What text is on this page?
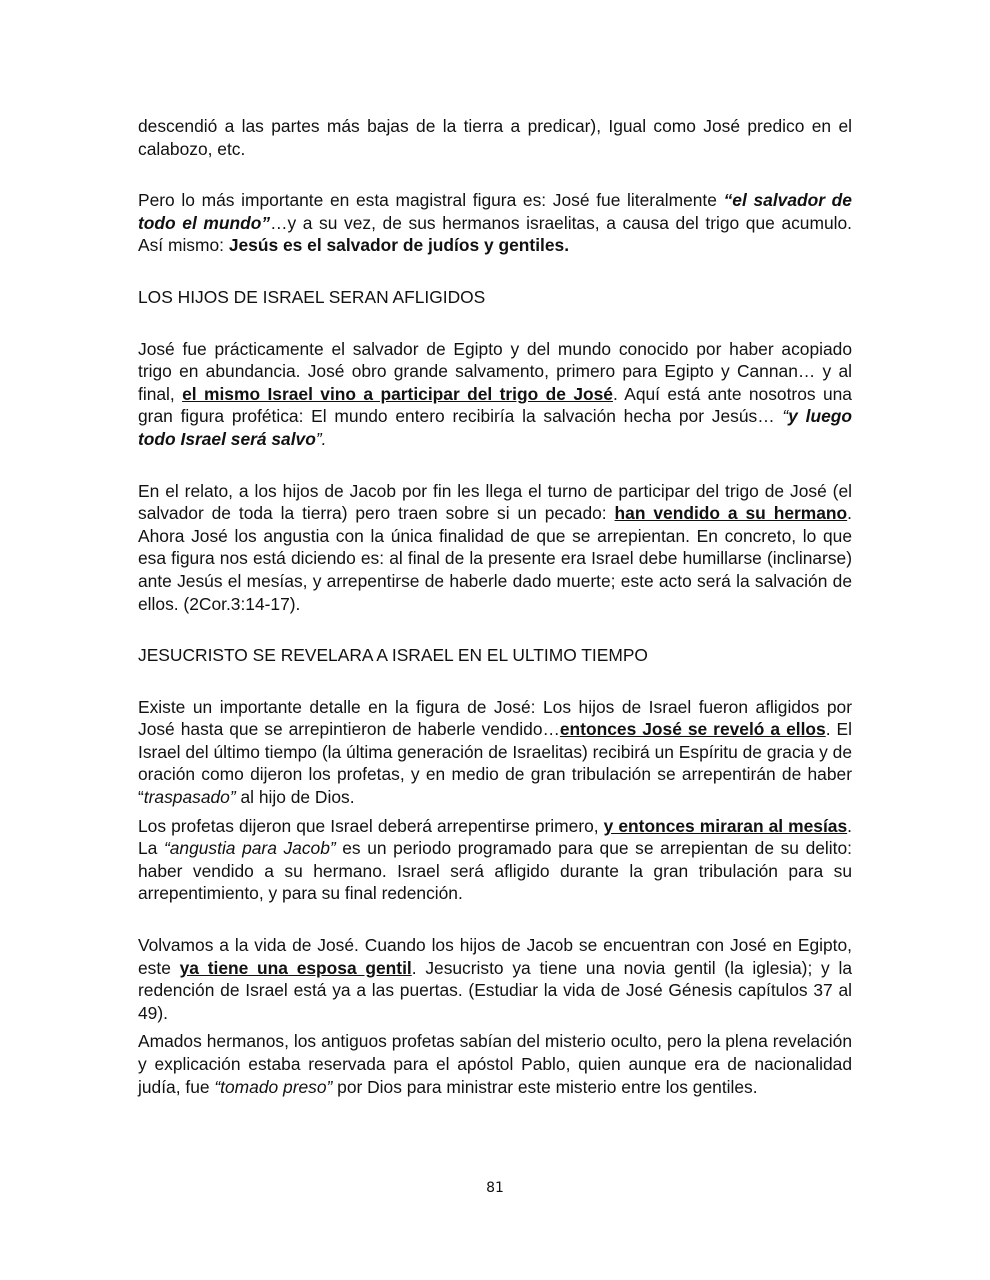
descendió a las partes más bajas de la tierra a predicar), Igual como José predico en el calabozo, etc.

Pero lo más importante en esta magistral figura es: José fue literalmente “el salvador de todo el mundo”…y a su vez, de sus hermanos israelitas, a causa del trigo que acumulo. Así mismo: Jesús es el salvador de judíos y gentiles.

LOS HIJOS DE ISRAEL SERAN AFLIGIDOS

José fue prácticamente el salvador de Egipto y del mundo conocido por haber acopiado trigo en abundancia. José obro grande salvamento, primero para Egipto y Cannan… y al final, el mismo Israel vino a participar del trigo de José. Aquí está ante nosotros una gran figura profética: El mundo entero recibiría la salvación hecha por Jesús… “y luego todo Israel será salvo”.

En el relato, a los hijos de Jacob por fin les llega el turno de participar del trigo de José (el salvador de toda la tierra) pero traen sobre si un pecado: han vendido a su hermano. Ahora José los angustia con la única finalidad de que se arrepientan. En concreto, lo que esa figura nos está diciendo es: al final de la presente era Israel debe humillarse (inclinarse) ante Jesús el mesías, y arrepentirse de haberle dado muerte; este acto será la salvación de ellos. (2Cor.3:14-17).

JESUCRISTO SE REVELARA A ISRAEL EN EL ULTIMO TIEMPO

Existe un importante detalle en la figura de José: Los hijos de Israel fueron afligidos por José hasta que se arrepintieron de haberle vendido…entonces José se reveló a ellos. El Israel del último tiempo (la última generación de Israelitas) recibirá un Espíritu de gracia y de oración como dijeron los profetas, y en medio de gran tribulación se arrepentirán de haber “traspasado” al hijo de Dios.

Los profetas dijeron que Israel deberá arrepentirse primero, y entonces miraran al mesías. La “angustia para Jacob” es un periodo programado para que se arrepientan de su delito: haber vendido a su hermano. Israel será afligido durante la gran tribulación para su arrepentimiento, y para su final redención.

Volvamos a la vida de José. Cuando los hijos de Jacob se encuentran con José en Egipto, este ya tiene una esposa gentil. Jesucristo ya tiene una novia gentil (la iglesia); y la redención de Israel está ya a las puertas. (Estudiar la vida de José Génesis capítulos 37 al 49).

Amados hermanos, los antiguos profetas sabían del misterio oculto, pero la plena revelación y explicación estaba reservada para el apóstol Pablo, quien aunque era de nacionalidad judía, fue “tomado preso” por Dios para ministrar este misterio entre los gentiles.

81
